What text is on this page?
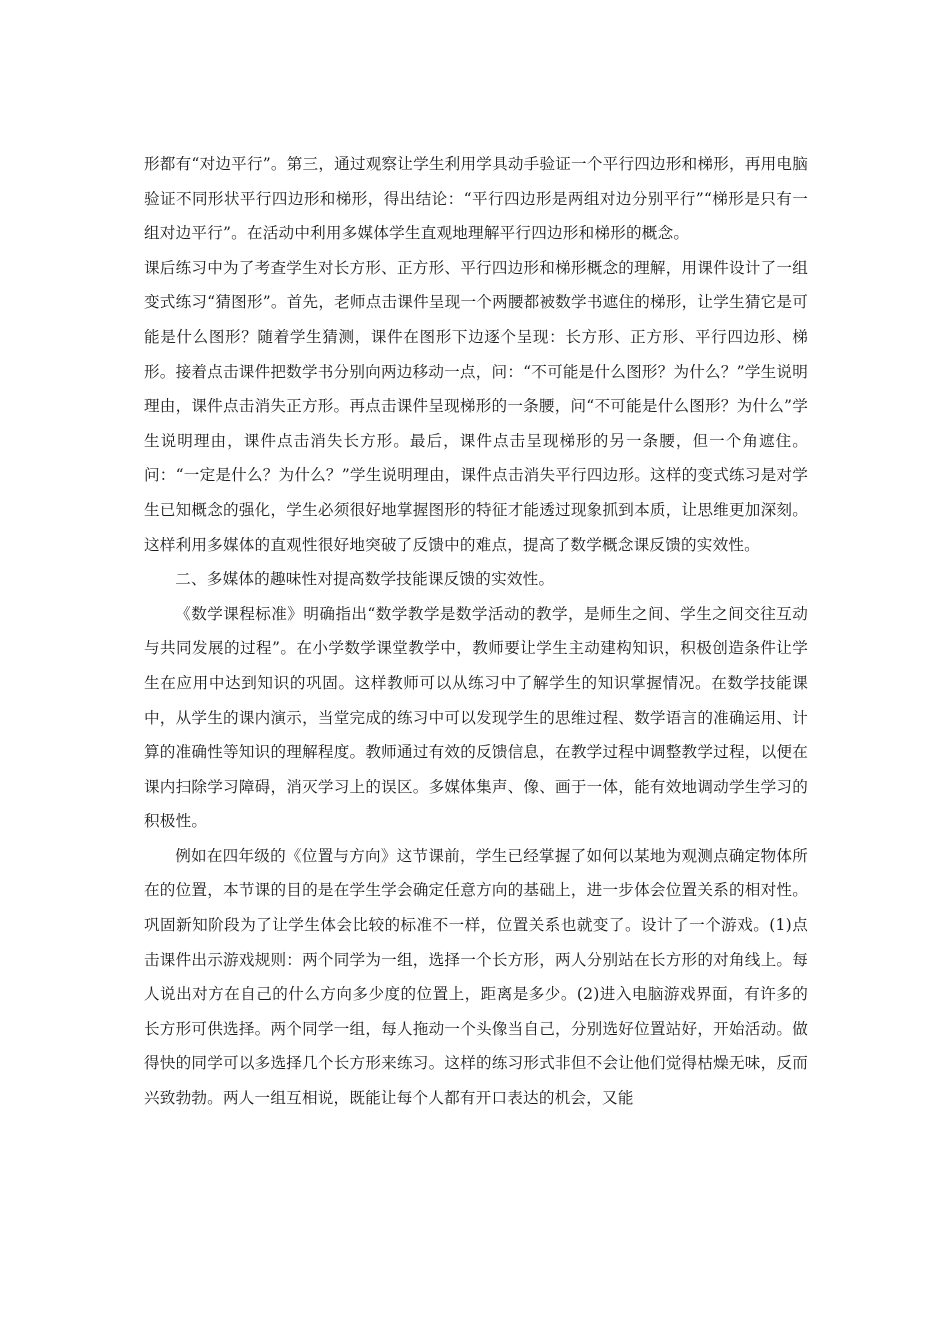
形都有“对边平行”。第三，通过观察让学生利用学具动手验证一个平行四边形和梯形，再用电脑验证不同形状平行四边形和梯形，得出结论：“平行四边形是两组对边分别平行”“梯形是只有一组对边平行”。在活动中利用多媒体学生直观地理解平行四边形和梯形的概念。

课后练习中为了考查学生对长方形、正方形、平行四边形和梯形概念的理解，用课件设计了一组变式练习“猜图形”。首先，老师点击课件呈现一个两腰都被数学书遮住的梯形，让学生猜它是可能是什么图形？随着学生猜测，课件在图形下边逐个呈现：长方形、正方形、平行四边形、梯形。接着点击课件把数学书分别向两边移动一点，问：“不可能是什么图形？为什么？”学生说明理由，课件点击消失正方形。再点击课件呈现梯形的一条腰，问“不可能是什么图形？为什么”学生说明理由，课件点击消失长方形。最后，课件点击呈现梯形的另一条腰，但一个角遮住。问：“一定是什么？为什么？”学生说明理由，课件点击消失平行四边形。这样的变式练习是对学生已知概念的强化，学生必须很好地掌握图形的特征才能透过现象抓到本质，让思维更加深刻。这样利用多媒体的直观性很好地突破了反馈中的难点，提高了数学概念课反馈的实效性。

二、多媒体的趣味性对提高数学技能课反馈的实效性。

《数学课程标准》明确指出“数学教学是数学活动的教学，是师生之间、学生之间交往互动与共同发展的过程”。在小学数学课堂教学中，教师要让学生主动建构知识，积极创造条件让学生在应用中达到知识的巩固。这样教师可以从练习中了解学生的知识掌握情况。在数学技能课中，从学生的课内演示，当堂完成的练习中可以发现学生的思维过程、数学语言的准确运用、计算的准确性等知识的理解程度。教师通过有效的反馈信息，在教学过程中调整教学过程，以便在课内扫除学习障碍，消灭学习上的误区。多媒体集声、像、画于一体，能有效地调动学生学习的积极性。

例如在四年级的《位置与方向》这节课前，学生已经掌握了如何以某地为观测点确定物体所在的位置，本节课的目的是在学生学会确定任意方向的基础上，进一步体会位置关系的相对性。巩固新知阶段为了让学生体会比较的标准不一样，位置关系也就变了。设计了一个游戏。(1)点击课件出示游戏规则：两个同学为一组，选择一个长方形，两人分别站在长方形的对角线上。每人说出对方在自己的什么方向多少度的位置上，距离是多少。(2)进入电脑游戏界面，有许多的长方形可供选择。两个同学一组，每人拖动一个头像当自己，分别选好位置站好，开始活动。做得快的同学可以多选择几个长方形来练习。这样的练习形式非但不会让他们觉得枯燥无味，反而兴致勃勃。两人一组互相说，既能让每个人都有开口表达的机会，又能
